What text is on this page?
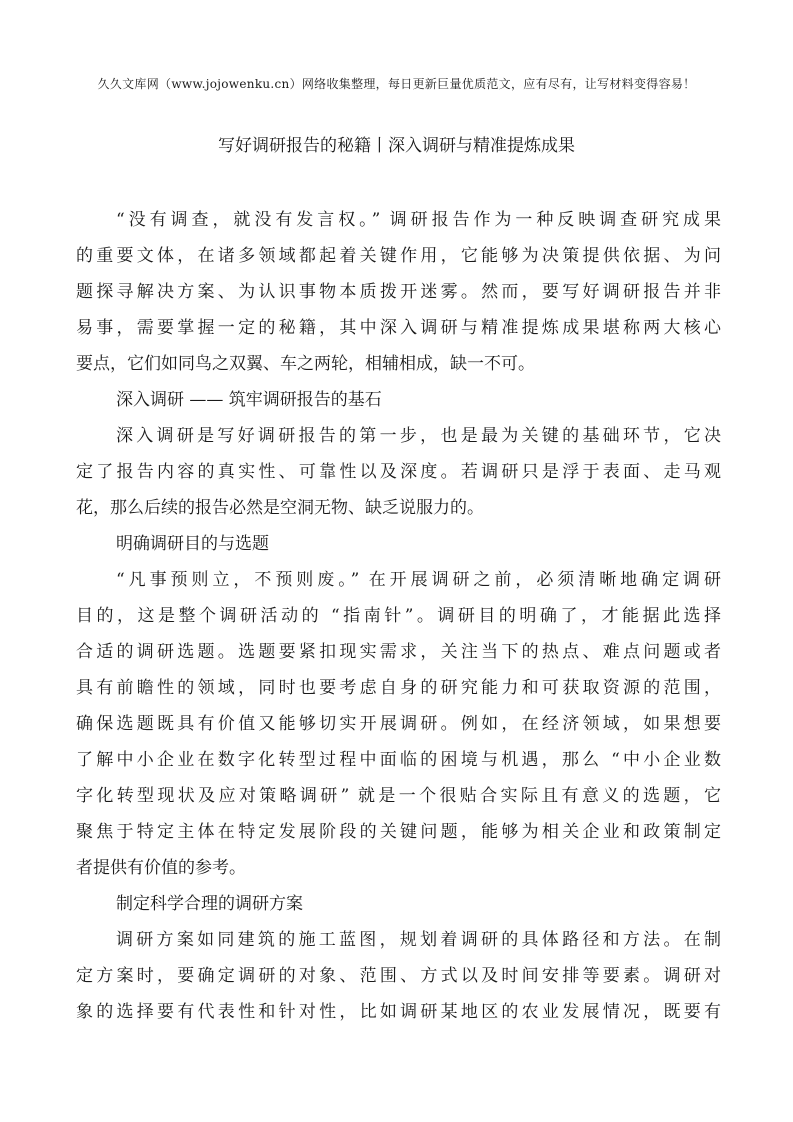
久久文库网（www.jojowenku.cn）网络收集整理，每日更新巨量优质范文，应有尽有，让写材料变得容易！
写好调研报告的秘籍丨深入调研与精准提炼成果
“没有调查，就没有发言权。” 调研报告作为一种反映调查研究成果
的重要文体，在诸多领域都起着关键作用，它能够为决策提供依据、为问
题探寻解决方案、为认识事物本质拨开迷雾。然而，要写好调研报告并非
易事，需要掌握一定的秘籍，其中深入调研与精准提炼成果堪称两大核心
要点，它们如同鸟之双翼、车之两轮，相辅相成，缺一不可。
深入调研 —— 筑牢调研报告的基石
深入调研是写好调研报告的第一步，也是最为关键的基础环节，它决
定了报告内容的真实性、可靠性以及深度。若调研只是浮于表面、走马观
花，那么后续的报告必然是空洞无物、缺乏说服力的。
明确调研目的与选题
“凡事预则立，不预则废。” 在开展调研之前，必须清晰地确定调研
目的，这是整个调研活动的 “指南针”。调研目的明确了，才能据此选择
合适的调研选题。选题要紧扣现实需求，关注当下的热点、难点问题或者
具有前瞻性的领域，同时也要考虑自身的研究能力和可获取资源的范围，
确保选题既具有价值又能够切实开展调研。例如，在经济领域，如果想要
了解中小企业在数字化转型过程中面临的困境与机遇，那么 “中小企业数
字化转型现状及应对策略调研” 就是一个很贴合实际且有意义的选题，它
聚焦于特定主体在特定发展阶段的关键问题，能够为相关企业和政策制定
者提供有价值的参考。
制定科学合理的调研方案
调研方案如同建筑的施工蓝图，规划着调研的具体路径和方法。在制
定方案时，要确定调研的对象、范围、方式以及时间安排等要素。调研对
象的选择要有代表性和针对性，比如调研某地区的农业发展情况，既要有
